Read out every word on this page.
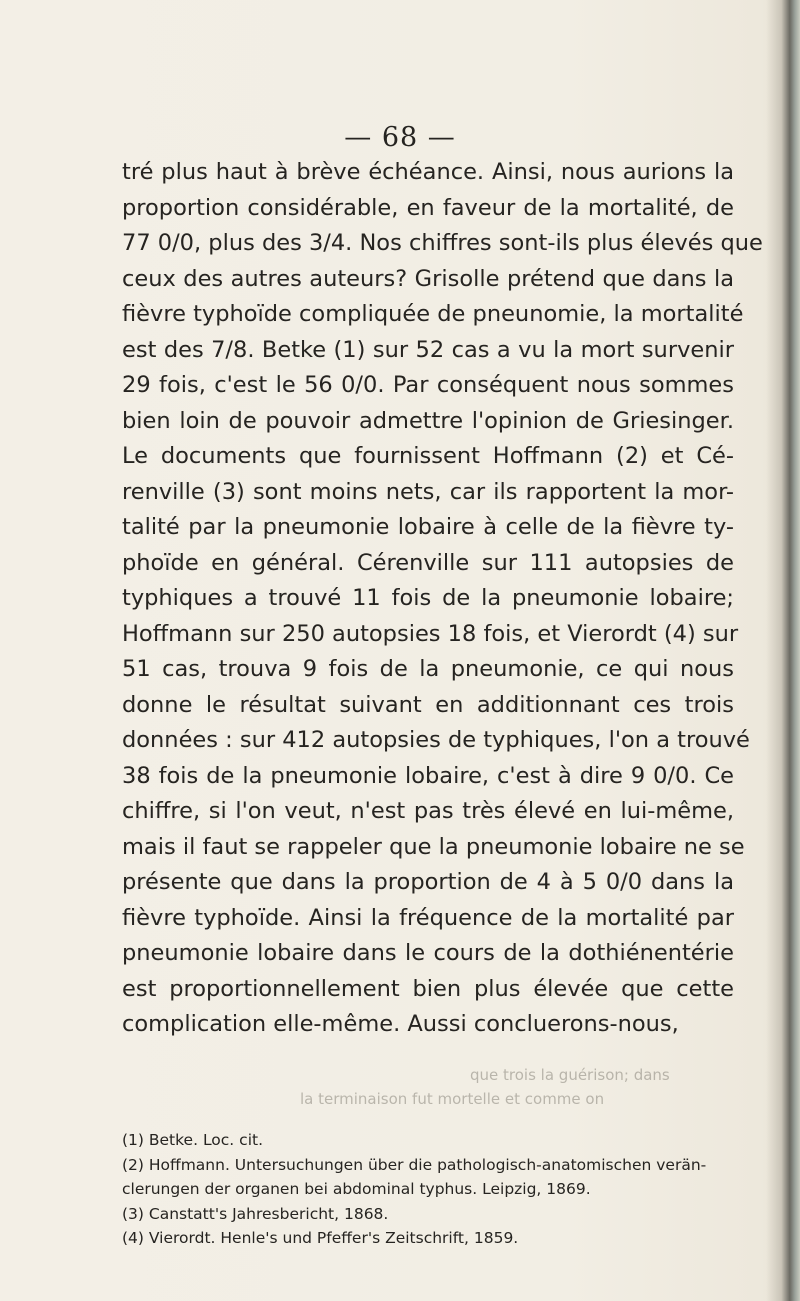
— 68 —
tré plus haut à brève échéance. Ainsi, nous aurions la
proportion considérable, en faveur de la mortalité, de
77 0/0, plus des 3/4. Nos chiffres sont-ils plus élevés que
ceux des autres auteurs? Grisolle prétend que dans la
fièvre typhoïde compliquée de pneunomie, la mortalité
est des 7/8. Betke (1) sur 52 cas a vu la mort survenir
29 fois, c'est le 56 0/0. Par conséquent nous sommes
bien loin de pouvoir admettre l'opinion de Griesinger.
Le documents que fournissent Hoffmann (2) et Cé-
renville (3) sont moins nets, car ils rapportent la mor-
talité par la pneumonie lobaire à celle de la fièvre ty-
phoïde en général. Cérenville sur 111 autopsies de
typhiques a trouvé 11 fois de la pneumonie lobaire;
Hoffmann sur 250 autopsies 18 fois, et Vierordt (4) sur
51 cas, trouva 9 fois de la pneumonie, ce qui nous
donne le résultat suivant en additionnant ces trois
données : sur 412 autopsies de typhiques, l'on a trouvé
38 fois de la pneumonie lobaire, c'est à dire 9 0/0. Ce
chiffre, si l'on veut, n'est pas très élevé en lui-même,
mais il faut se rappeler que la pneumonie lobaire ne se
présente que dans la proportion de 4 à 5 0/0 dans la
fièvre typhoïde. Ainsi la fréquence de la mortalité par
pneumonie lobaire dans le cours de la dothiénentérie
est proportionnellement bien plus élevée que cette
complication elle-même. Aussi concluerons-nous,
que trois la guérison; dans
la terminaison fut mortelle et comme on
(1) Betke. Loc. cit.
(2) Hoffmann. Untersuchungen über die pathologisch-anatomischen verän-
clerungen der organen bei abdominal typhus. Leipzig, 1869.
(3) Canstatt's Jahresbericht, 1868.
(4) Vierordt. Henle's und Pfeffer's Zeitschrift, 1859.
